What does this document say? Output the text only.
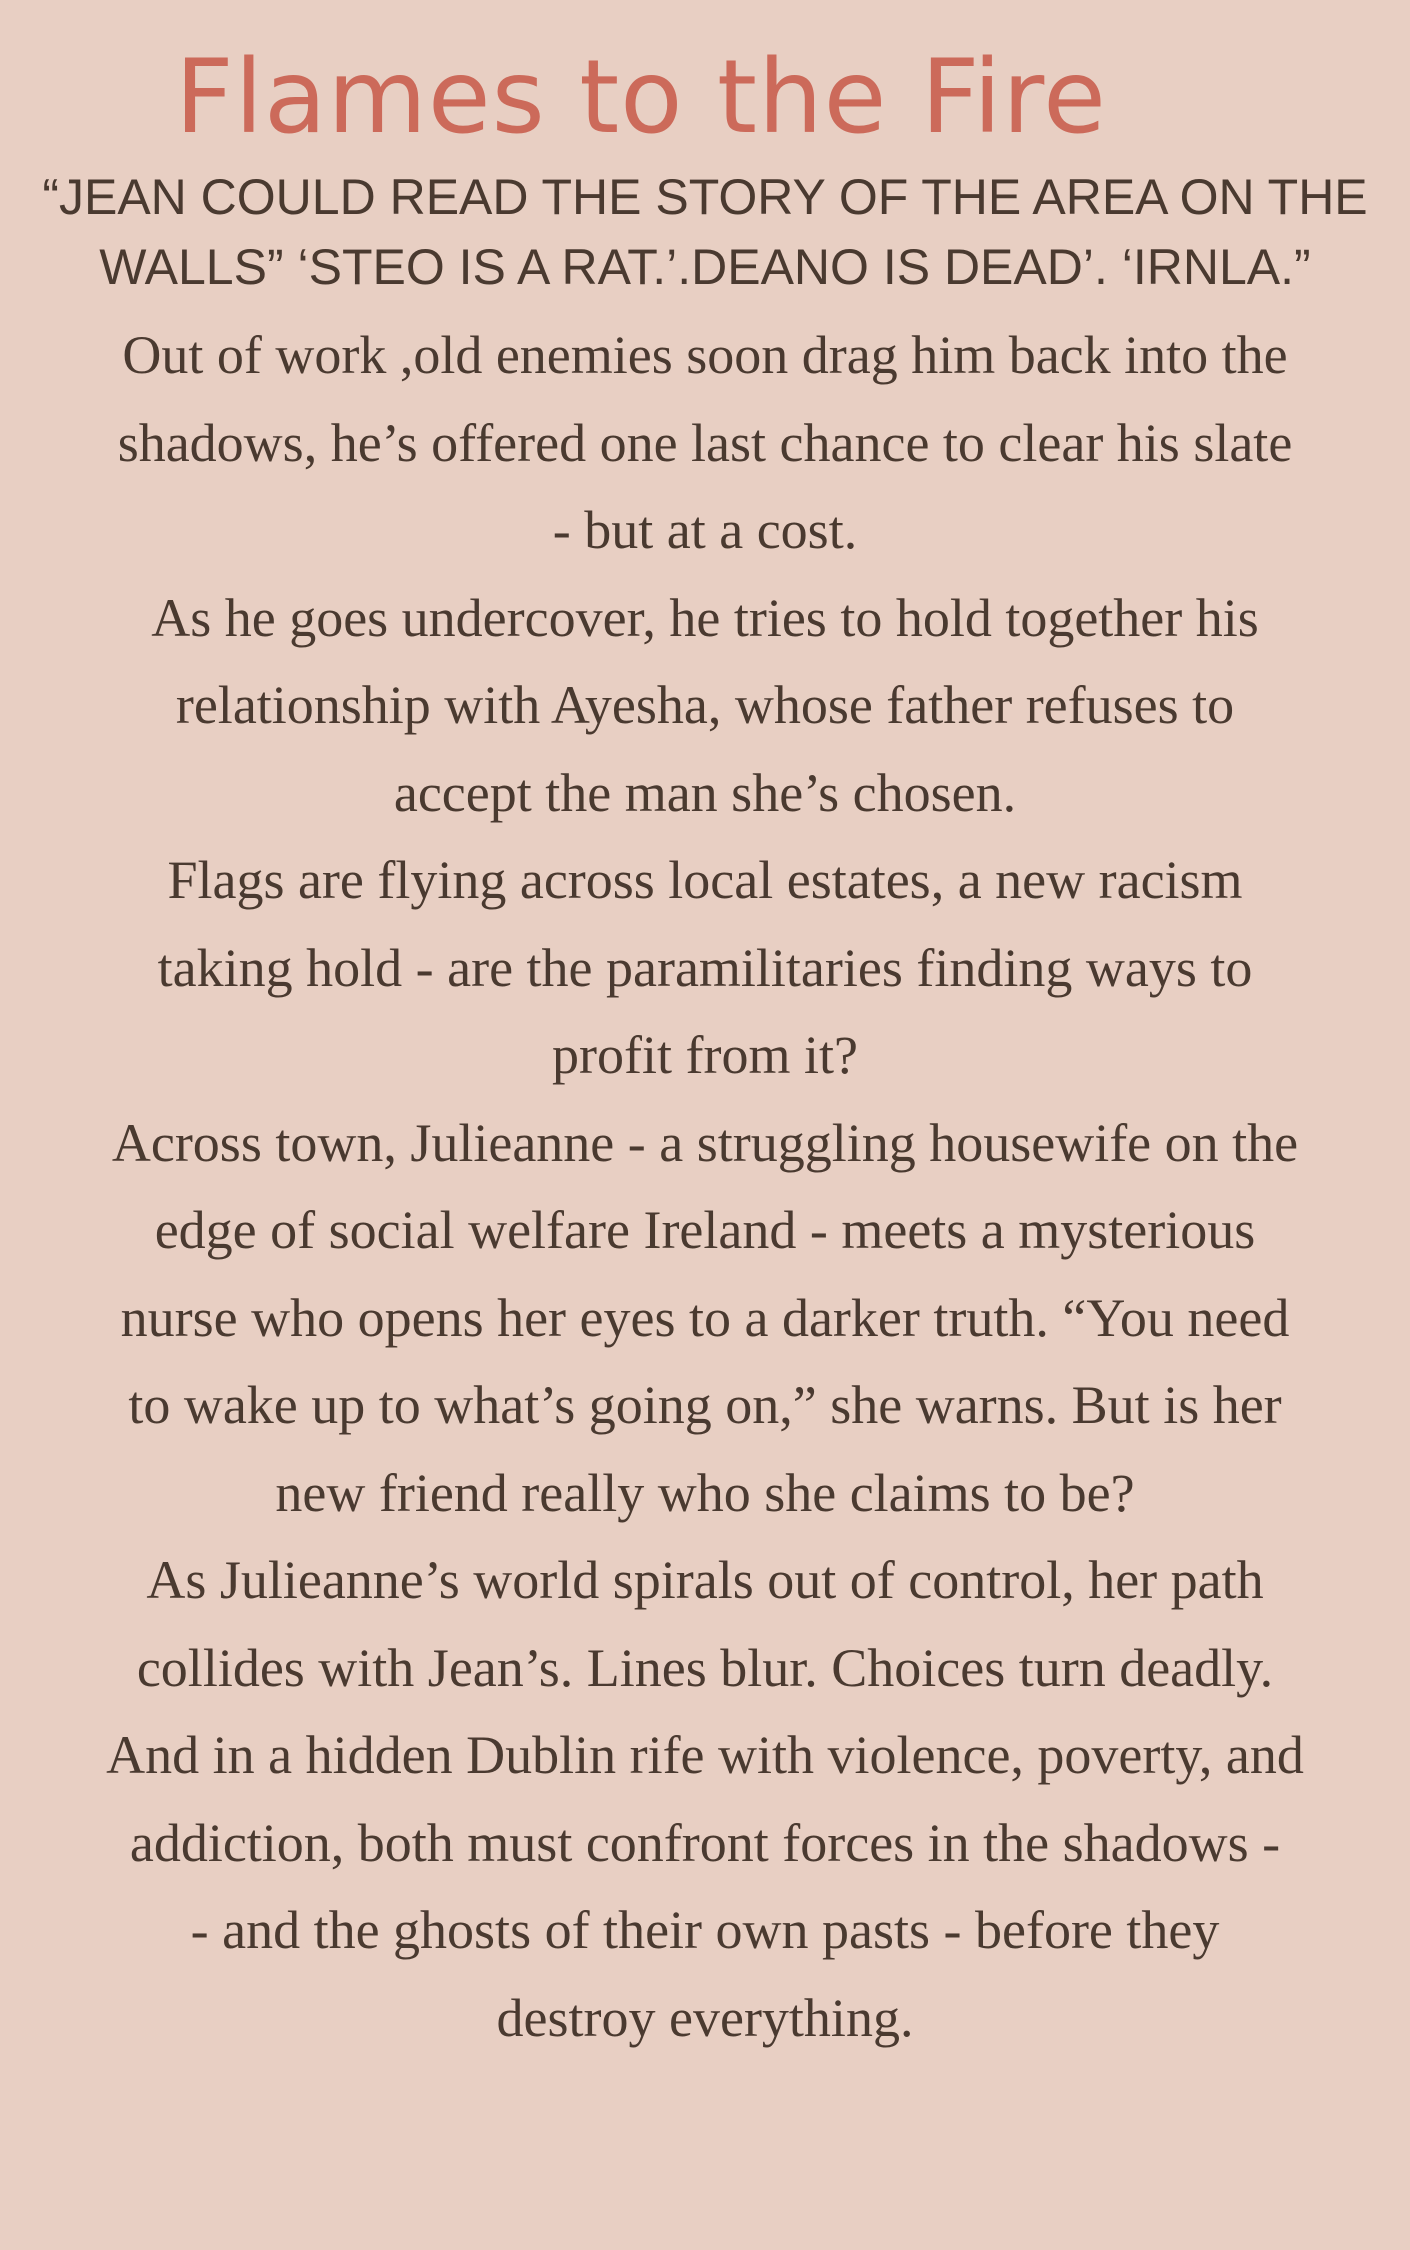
Flames to the Fire
“JEAN COULD READ THE STORY OF THE AREA ON THE
WALLS” ‘STEO IS A RAT.’.DEANO IS DEAD’. ‘IRNLA.”

Out of work ,old enemies soon drag him back into the
shadows, he’s offered one last chance to clear his slate
- but at a cost.

As he goes undercover, he tries to hold together his
relationship with Ayesha, whose father refuses to
accept the man she’s chosen.

Flags are flying across local estates, a new racism
taking hold - are the paramilitaries finding ways to
profit from it?

Across town, Julieanne - a struggling housewife on the
edge of social welfare Ireland - meets a mysterious
nurse who opens her eyes to a darker truth. “You need
to wake up to what’s going on,” she warns. But is her
new friend really who she claims to be?

As Julieanne’s world spirals out of control, her path
collides with Jean’s. Lines blur. Choices turn deadly.

And in a hidden Dublin rife with violence, poverty, and
addiction, both must confront forces in the shadows -
- and the ghosts of their own pasts - before they
destroy everything.
